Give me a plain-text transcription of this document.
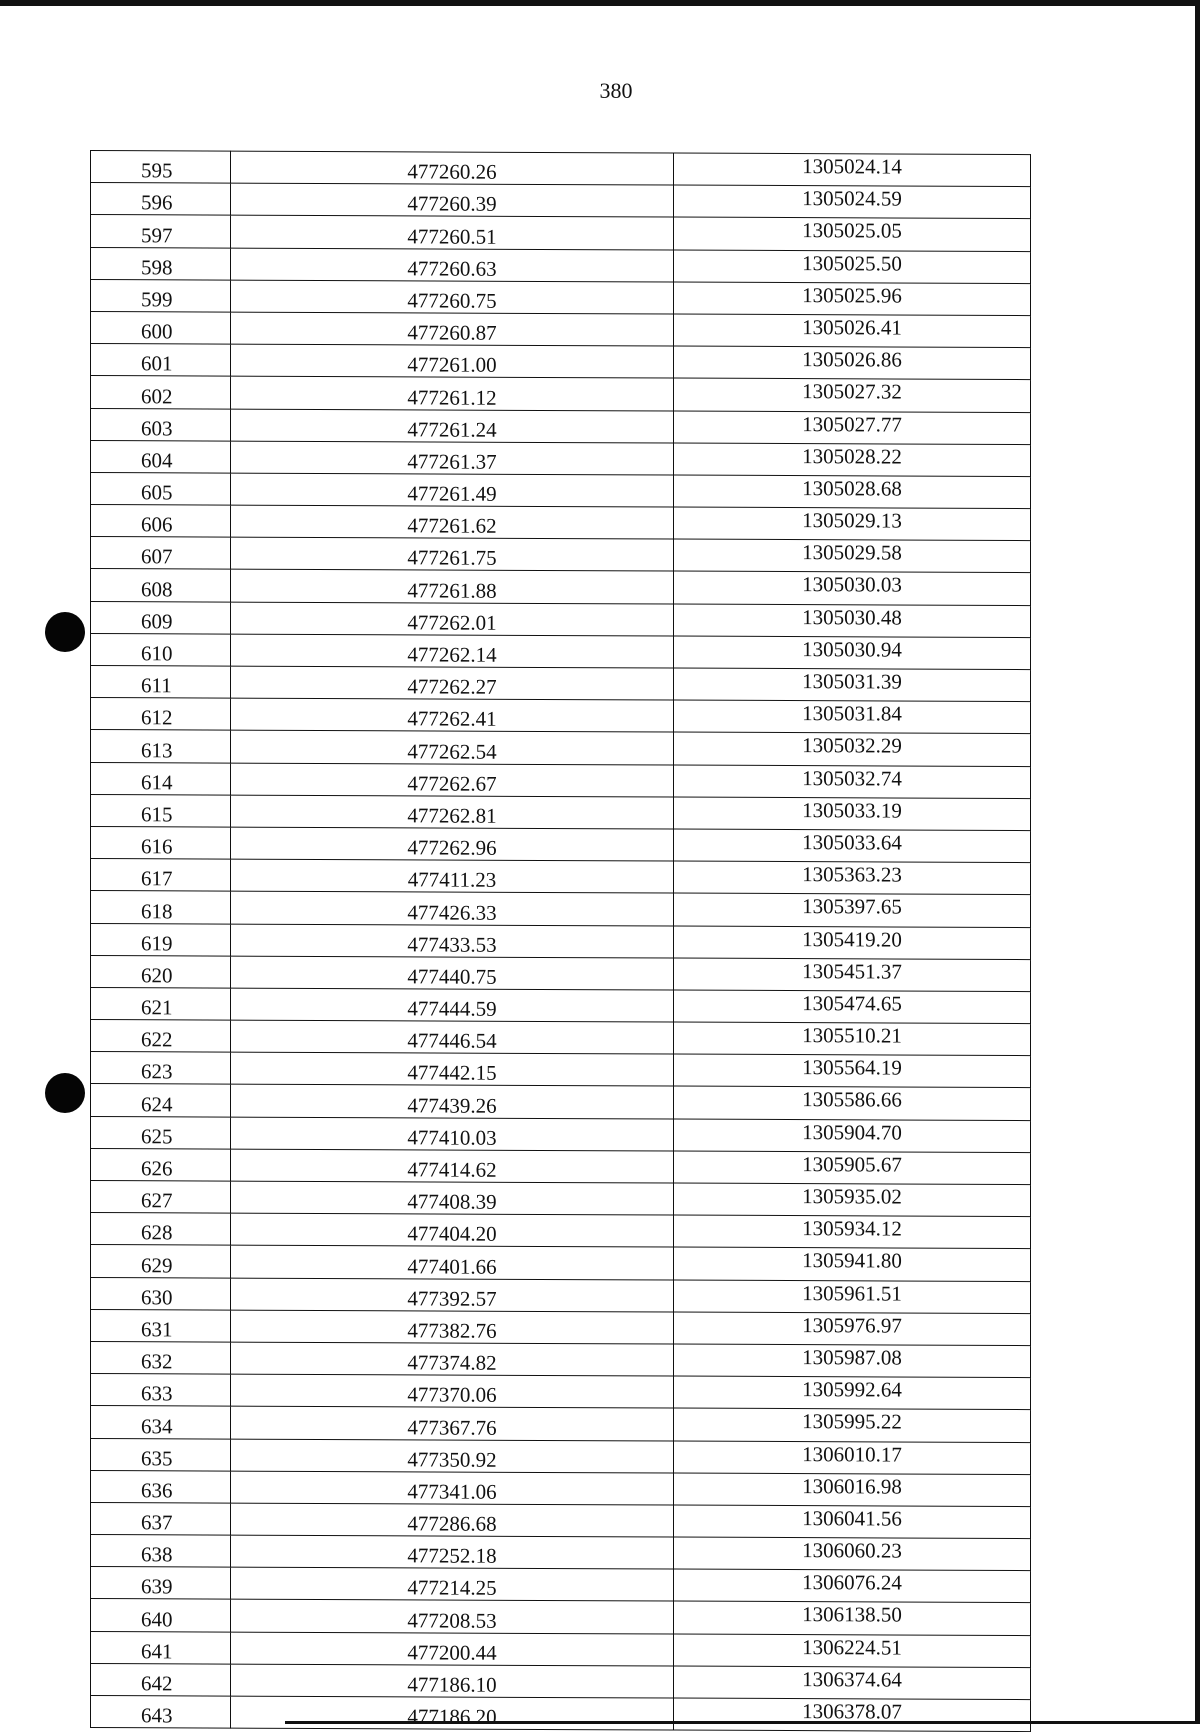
380
595	477260.26	1305024.14
596	477260.39	1305024.59
597	477260.51	1305025.05
598	477260.63	1305025.50
599	477260.75	1305025.96
600	477260.87	1305026.41
601	477261.00	1305026.86
602	477261.12	1305027.32
603	477261.24	1305027.77
604	477261.37	1305028.22
605	477261.49	1305028.68
606	477261.62	1305029.13
607	477261.75	1305029.58
608	477261.88	1305030.03
609	477262.01	1305030.48
610	477262.14	1305030.94
611	477262.27	1305031.39
612	477262.41	1305031.84
613	477262.54	1305032.29
614	477262.67	1305032.74
615	477262.81	1305033.19
616	477262.96	1305033.64
617	477411.23	1305363.23
618	477426.33	1305397.65
619	477433.53	1305419.20
620	477440.75	1305451.37
621	477444.59	1305474.65
622	477446.54	1305510.21
623	477442.15	1305564.19
624	477439.26	1305586.66
625	477410.03	1305904.70
626	477414.62	1305905.67
627	477408.39	1305935.02
628	477404.20	1305934.12
629	477401.66	1305941.80
630	477392.57	1305961.51
631	477382.76	1305976.97
632	477374.82	1305987.08
633	477370.06	1305992.64
634	477367.76	1305995.22
635	477350.92	1306010.17
636	477341.06	1306016.98
637	477286.68	1306041.56
638	477252.18	1306060.23
639	477214.25	1306076.24
640	477208.53	1306138.50
641	477200.44	1306224.51
642	477186.10	1306374.64
643	477186.20	1306378.07
